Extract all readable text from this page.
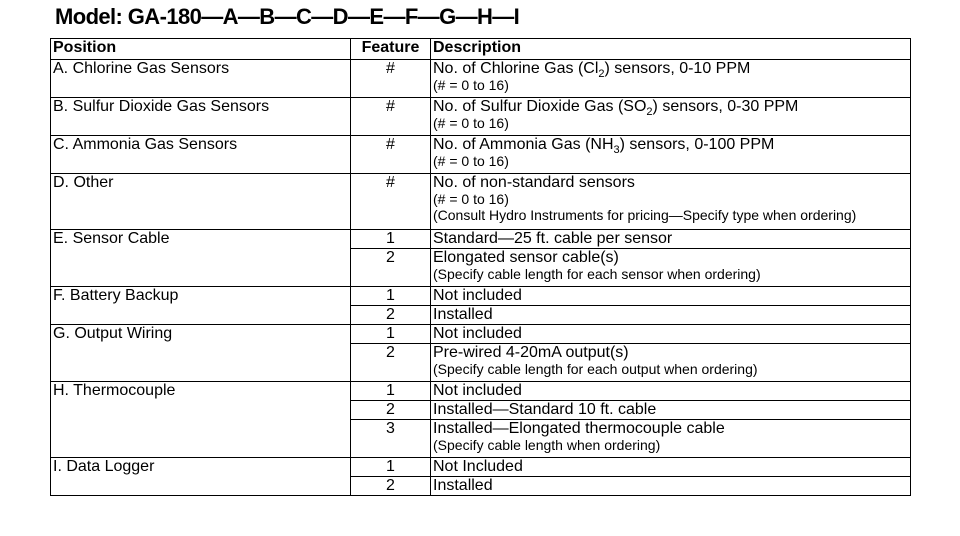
Model: GA-180—A—B—C—D—E—F—G—H—I
Position	Feature	Description
A. Chlorine Gas Sensors	#	No. of Chlorine Gas $(Cl_2)$ sensors, 0-10 PPM
(# = 0 to 16)

B. Sulfur Dioxide Gas Sensors	#	No. of Sulfur Dioxide Gas $(SO_2)$ sensors, 0-30 PPM
(# = 0 to 16)

C. Ammonia Gas Sensors	#	No. of Ammonia Gas $(NH_3)$ sensors, 0-100 PPM
(# = 0 to 16)

D. Other	#	No. of non-standard sensors
(# = 0 to 16)
(Consult Hydro Instruments for pricing—Specify type when ordering)

E. Sensor Cable	1	Standard—25 ft. cable per sensor

	2	Elongated sensor cable(s)
(Specify cable length for each sensor when ordering)

F. Battery Backup	1	Not included

	2	Installed

G. Output Wiring	1	Not included

	2	Pre-wired 4-20mA output(s)
(Specify cable length for each output when ordering)

H. Thermocouple	1	Not included

	2	Installed—Standard 10 ft. cable

	3	Installed—Elongated thermocouple cable
(Specify cable length when ordering)

I. Data Logger	1	Not Included

	2	Installed
